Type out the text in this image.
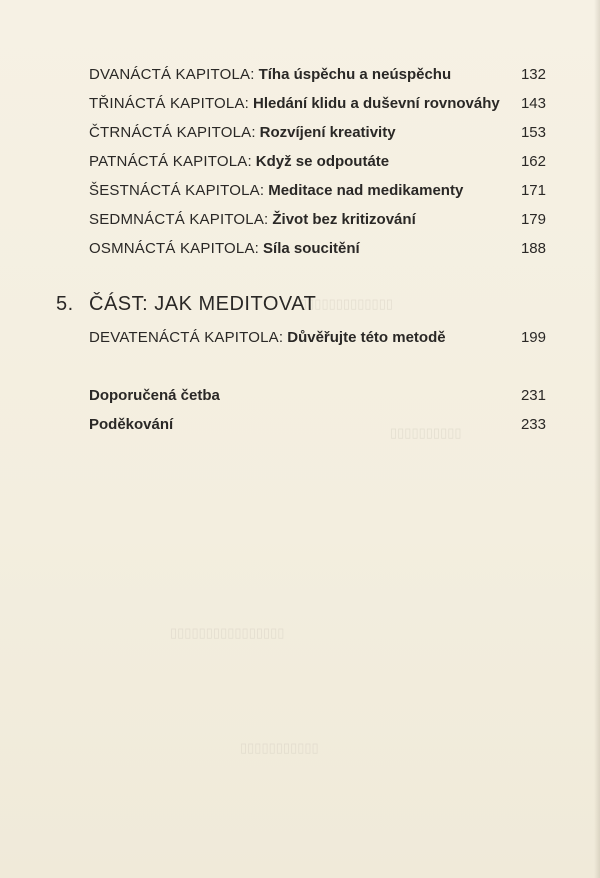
▯▯▯▯▯▯▯▯▯▯▯▯▯
▯▯▯▯▯▯▯▯▯▯
▯▯▯▯▯▯▯▯▯▯▯▯▯▯▯▯
▯▯▯▯▯▯▯▯▯▯▯
DVANÁCTÁ KAPITOLA: Tíha úspěchu a neúspěchu	132
TŘINÁCTÁ KAPITOLA: Hledání klidu a duševní rovnováhy 143
ČTRNÁCTÁ KAPITOLA: Rozvíjení kreativity	153
PATNÁCTÁ KAPITOLA: Když se odpoutáte	162
ŠESTNÁCTÁ KAPITOLA: Meditace nad medikamenty	171
SEDMNÁCTÁ KAPITOLA: Život bez kritizování	179
OSMNÁCTÁ KAPITOLA: Síla soucitění	188
5. ČÁST: JAK MEDITOVAT
DEVATENÁCTÁ KAPITOLA: Důvěřujte této metodě	199
Doporučená četba	231
Poděkování	233
